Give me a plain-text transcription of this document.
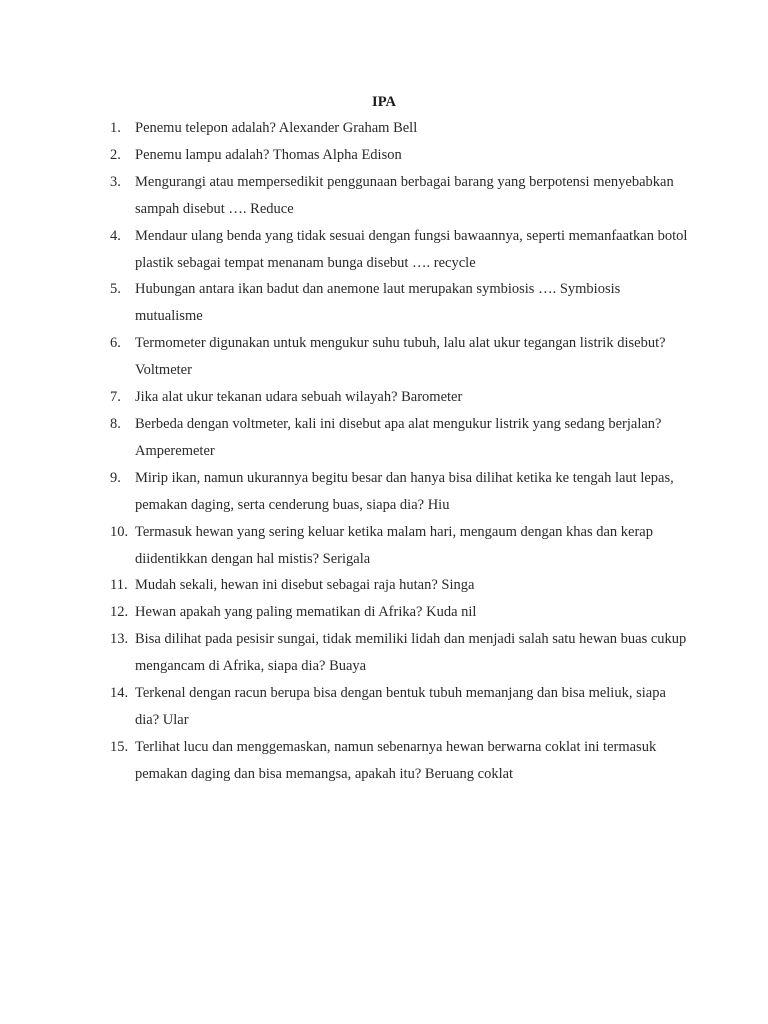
IPA
1. Penemu telepon adalah? Alexander Graham Bell
2. Penemu lampu adalah? Thomas Alpha Edison
3. Mengurangi atau mempersedikit penggunaan berbagai barang yang berpotensi menyebabkan sampah disebut …. Reduce
4. Mendaur ulang benda yang tidak sesuai dengan fungsi bawaannya, seperti memanfaatkan botol plastik sebagai tempat menanam bunga disebut …. recycle
5. Hubungan antara ikan badut dan anemone laut merupakan symbiosis …. Symbiosis mutualisme
6. Termometer digunakan untuk mengukur suhu tubuh, lalu alat ukur tegangan listrik disebut? Voltmeter
7. Jika alat ukur tekanan udara sebuah wilayah? Barometer
8. Berbeda dengan voltmeter, kali ini disebut apa alat mengukur listrik yang sedang berjalan? Amperemeter
9. Mirip ikan, namun ukurannya begitu besar dan hanya bisa dilihat ketika ke tengah laut lepas, pemakan daging, serta cenderung buas, siapa dia? Hiu
10. Termasuk hewan yang sering keluar ketika malam hari, mengaum dengan khas dan kerap diidentikkan dengan hal mistis? Serigala
11. Mudah sekali, hewan ini disebut sebagai raja hutan? Singa
12. Hewan apakah yang paling mematikan di Afrika? Kuda nil
13. Bisa dilihat pada pesisir sungai, tidak memiliki lidah dan menjadi salah satu hewan buas cukup mengancam di Afrika, siapa dia? Buaya
14. Terkenal dengan racun berupa bisa dengan bentuk tubuh memanjang dan bisa meliuk, siapa dia? Ular
15. Terlihat lucu dan menggemaskan, namun sebenarnya hewan berwarna coklat ini termasuk pemakan daging dan bisa memangsa, apakah itu? Beruang coklat
